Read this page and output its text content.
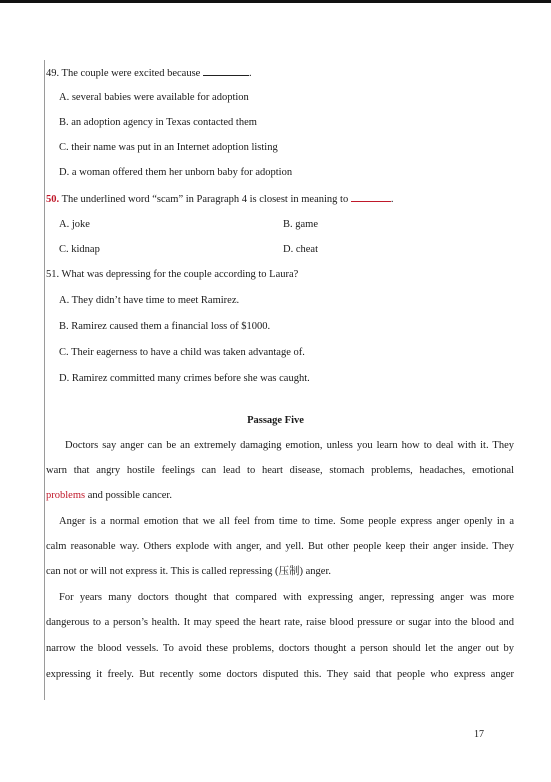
49. The couple were excited because	.
A. several babies were available for adoption
B. an adoption agency in Texas contacted them
C. their name was put in an Internet adoption listing
D. a woman offered them her unborn baby for adoption
50. The underlined word “scam” in Paragraph 4 is closest in meaning to	.
A. joke	B. game
C. kidnap	D. cheat
51. What was depressing for the couple according to Laura?
A. They didn’t have time to meet Ramirez.
B. Ramirez caused them a financial loss of $1000.
C. Their eagerness to have a child was taken advantage of.
D. Ramirez committed many crimes before she was caught.
Passage Five
Doctors say anger can be an extremely damaging emotion, unless you learn how to deal with it. They
warn that angry hostile feelings can lead to heart disease, stomach problems, headaches, emotional
problems and possible cancer.
Anger is a normal emotion that we all feel from time to time. Some people express anger openly in a
calm reasonable way. Others explode with anger, and yell. But other people keep their anger inside. They
can not or will not express it. This is called repressing (压制) anger.
For years many doctors thought that compared with expressing anger, repressing anger was more
dangerous to a person’s health. It may speed the heart rate, raise blood pressure or sugar into the blood and
narrow the blood vessels. To avoid these problems, doctors thought a person should let the anger out by
expressing it freely. But recently some doctors disputed this. They said that people who express anger
17
